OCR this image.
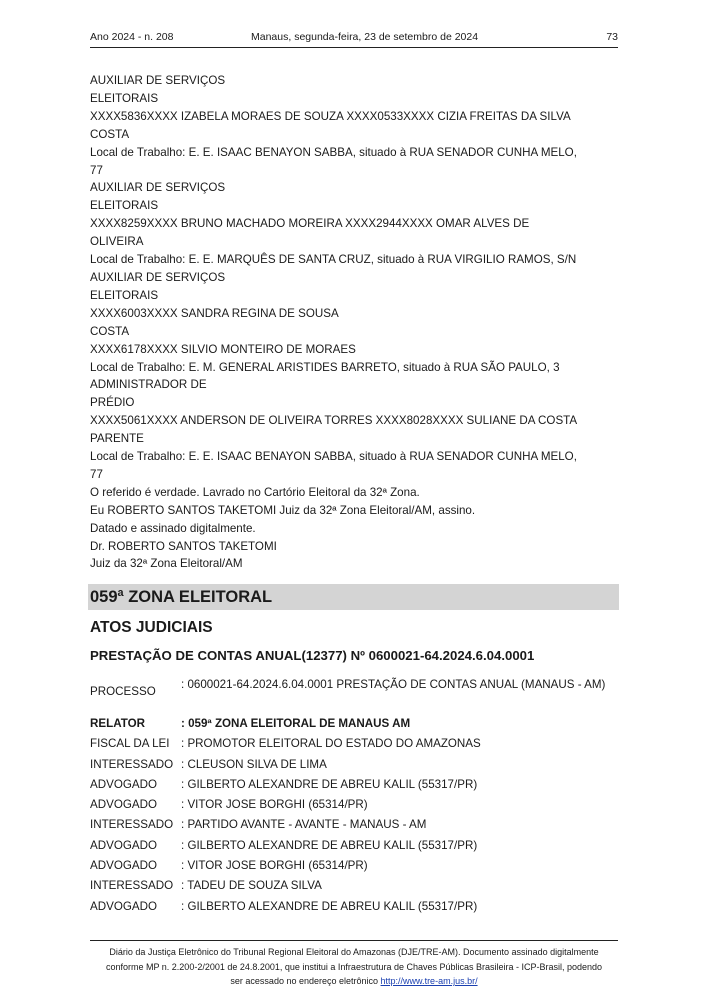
Ano 2024 - n. 208	Manaus, segunda-feira, 23 de setembro de 2024	73
AUXILIAR DE SERVIÇOS
ELEITORAIS
XXXX5836XXXX IZABELA MORAES DE SOUZA XXXX0533XXXX CIZIA FREITAS DA SILVA
COSTA
Local de Trabalho: E. E. ISAAC BENAYON SABBA, situado à RUA SENADOR CUNHA MELO,
77
AUXILIAR DE SERVIÇOS
ELEITORAIS
XXXX8259XXXX BRUNO MACHADO MOREIRA XXXX2944XXXX OMAR ALVES DE
OLIVEIRA
Local de Trabalho: E. E. MARQUÊS DE SANTA CRUZ, situado à RUA VIRGILIO RAMOS, S/N
AUXILIAR DE SERVIÇOS
ELEITORAIS
XXXX6003XXXX SANDRA REGINA DE SOUSA
COSTA
XXXX6178XXXX SILVIO MONTEIRO DE MORAES
Local de Trabalho: E. M. GENERAL ARISTIDES BARRETO, situado à RUA SÃO PAULO, 3
ADMINISTRADOR DE
PRÉDIO
XXXX5061XXXX ANDERSON DE OLIVEIRA TORRES XXXX8028XXXX SULIANE DA COSTA
PARENTE
Local de Trabalho: E. E. ISAAC BENAYON SABBA, situado à RUA SENADOR CUNHA MELO,
77
O referido é verdade. Lavrado no Cartório Eleitoral da 32ª Zona.
Eu ROBERTO SANTOS TAKETOMI Juiz da 32ª Zona Eleitoral/AM, assino.
Datado e assinado digitalmente.
Dr. ROBERTO SANTOS TAKETOMI
Juiz da 32ª Zona Eleitoral/AM
059ª ZONA ELEITORAL
ATOS JUDICIAIS
PRESTAÇÃO DE CONTAS ANUAL(12377) Nº 0600021-64.2024.6.04.0001
PROCESSO
: 0600021-64.2024.6.04.0001 PRESTAÇÃO DE CONTAS ANUAL (MANAUS - AM)
RELATOR	: 059ª ZONA ELEITORAL DE MANAUS AM
FISCAL DA LEI : PROMOTOR ELEITORAL DO ESTADO DO AMAZONAS
INTERESSADO : CLEUSON SILVA DE LIMA
ADVOGADO	: GILBERTO ALEXANDRE DE ABREU KALIL (55317/PR)
ADVOGADO	: VITOR JOSE BORGHI (65314/PR)
INTERESSADO : PARTIDO AVANTE - AVANTE - MANAUS - AM
ADVOGADO	: GILBERTO ALEXANDRE DE ABREU KALIL (55317/PR)
ADVOGADO	: VITOR JOSE BORGHI (65314/PR)
INTERESSADO : TADEU DE SOUZA SILVA
ADVOGADO	: GILBERTO ALEXANDRE DE ABREU KALIL (55317/PR)
Diário da Justiça Eletrônico do Tribunal Regional Eleitoral do Amazonas (DJE/TRE-AM). Documento assinado digitalmente
conforme MP n. 2.200-2/2001 de 24.8.2001, que institui a Infraestrutura de Chaves Públicas Brasileira - ICP-Brasil, podendo
ser acessado no endereço eletrônico http://www.tre-am.jus.br/
